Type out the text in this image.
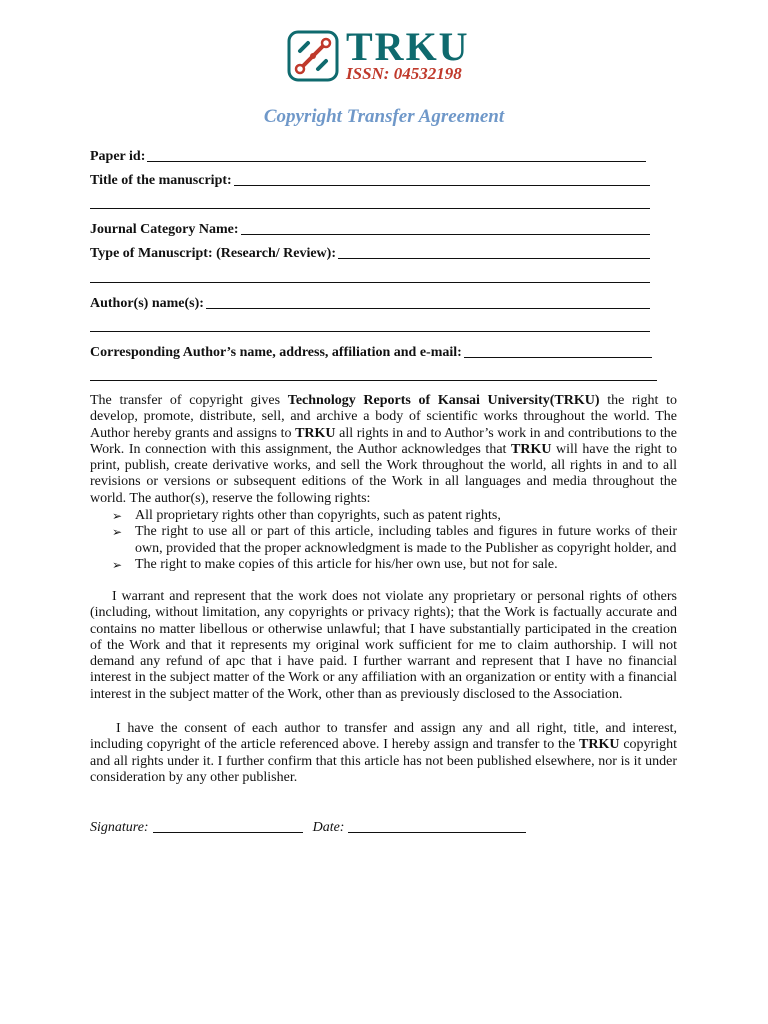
TRKU
ISSN: 04532198
Copyright Transfer Agreement
Paper id:
Title of the manuscript:
Journal Category Name:
Type of Manuscript: (Research/ Review):
Author(s) name(s):
Corresponding Author’s name, address, affiliation and e-mail:
The transfer of copyright gives Technology Reports of Kansai University(TRKU) the right to develop, promote, distribute, sell, and archive a body of scientific works throughout the world. The Author hereby grants and assigns to TRKU all rights in and to Author’s work in and contributions to the Work. In connection with this assignment, the Author acknowledges that TRKU will have the right to print, publish, create derivative works, and sell the Work throughout the world, all rights in and to all revisions or versions or subsequent editions of the Work in all languages and media throughout the world. The author(s), reserve the following rights:
➢ All proprietary rights other than copyrights, such as patent rights,
➢ The right to use all or part of this article, including tables and figures in future works of their own, provided that the proper acknowledgment is made to the Publisher as copyright holder, and
➢ The right to make copies of this article for his/her own use, but not for sale.
I warrant and represent that the work does not violate any proprietary or personal rights of others (including, without limitation, any copyrights or privacy rights); that the Work is factually accurate and contains no matter libellous or otherwise unlawful; that I have substantially participated in the creation of the Work and that it represents my original work sufficient for me to claim authorship. I will not demand any refund of apc that i have paid. I further warrant and represent that I have no financial interest in the subject matter of the Work or any affiliation with an organization or entity with a financial interest in the subject matter of the Work, other than as previously disclosed to the Association.
I have the consent of each author to transfer and assign any and all right, title, and interest, including copyright of the article referenced above. I hereby assign and transfer to the TRKU copyright and all rights under it. I further confirm that this article has not been published elsewhere, nor is it under consideration by any other publisher.
Signature:	Date:
